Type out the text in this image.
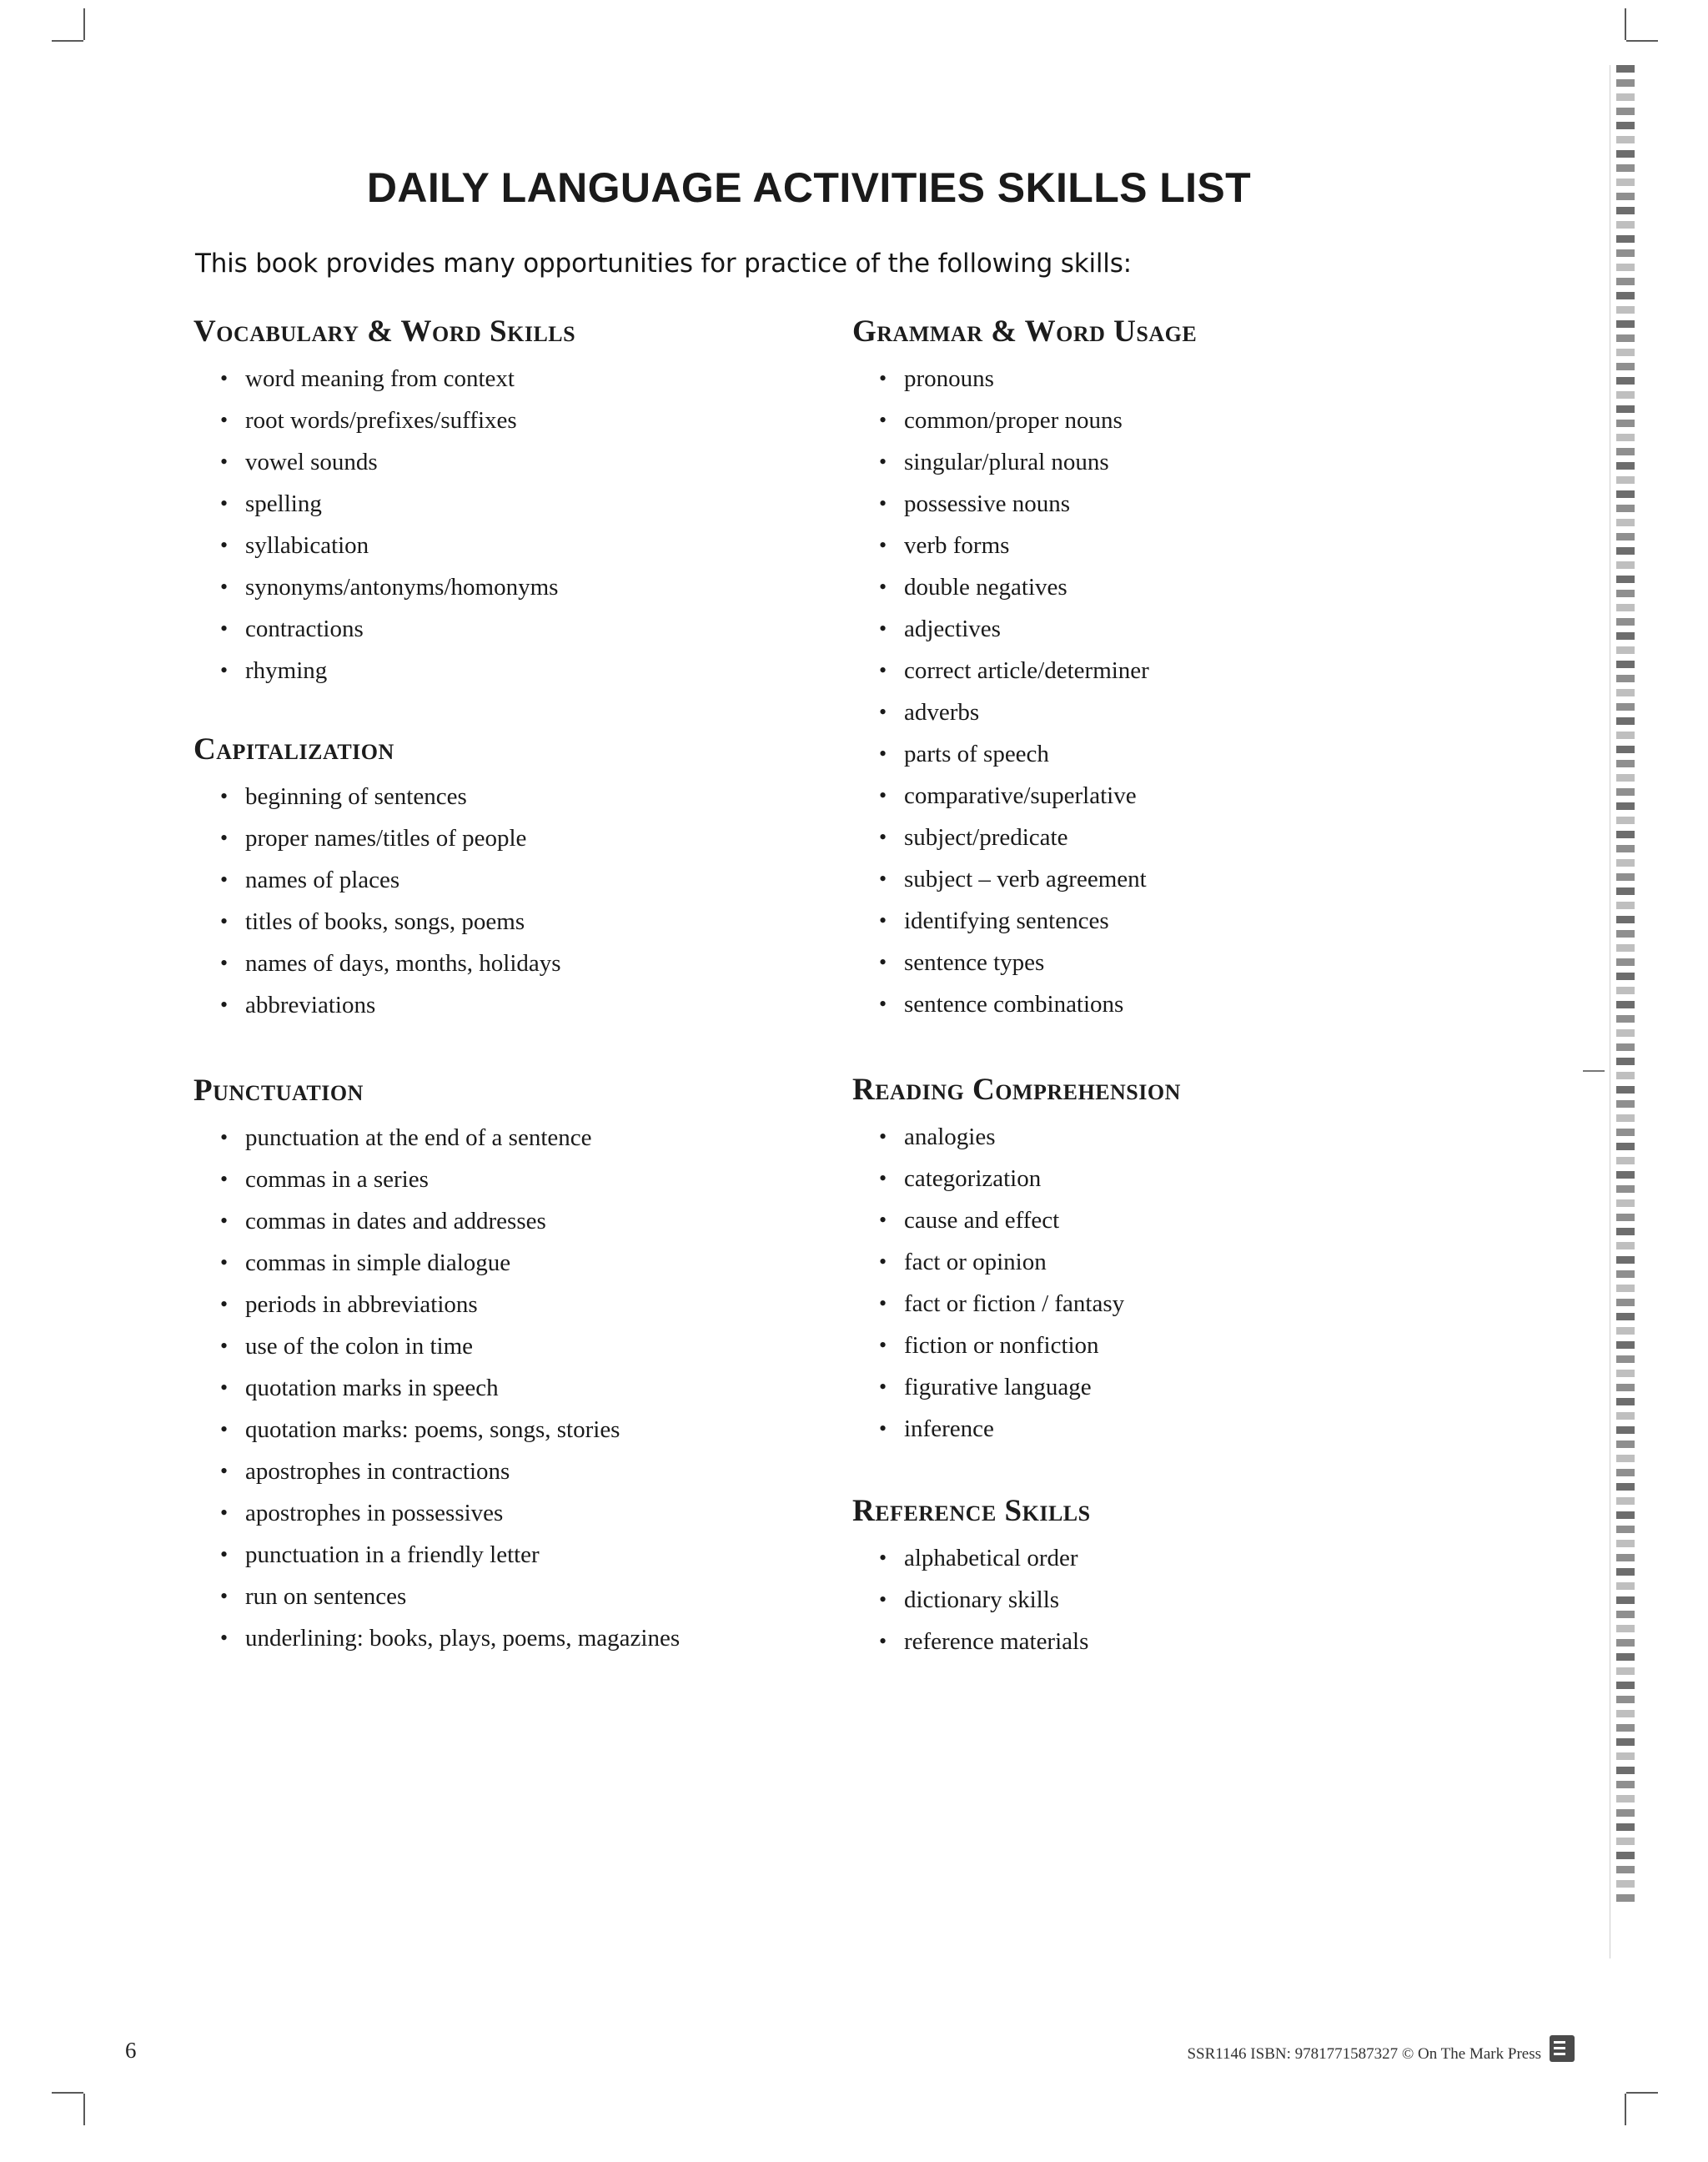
DAILY LANGUAGE ACTIVITIES SKILLS LIST
This book provides many opportunities for practice of the following skills:
Vocabulary & Word Skills
• word meaning from context
• root words/prefixes/suffixes
• vowel sounds
• spelling
• syllabication
• synonyms/antonyms/homonyms
• contractions
• rhyming
Capitalization
• beginning of sentences
• proper names/titles of people
• names of places
• titles of books, songs, poems
• names of days, months, holidays
• abbreviations
Punctuation
• punctuation at the end of a sentence
• commas in a series
• commas in dates and addresses
• commas in simple dialogue
• periods in abbreviations
• use of the colon in time
• quotation marks in speech
• quotation marks: poems, songs, stories
• apostrophes in contractions
• apostrophes in possessives
• punctuation in a friendly letter
• run on sentences
• underlining: books, plays, poems, magazines
Grammar & Word Usage
• pronouns
• common/proper nouns
• singular/plural nouns
• possessive nouns
• verb forms
• double negatives
• adjectives
• correct article/determiner
• adverbs
• parts of speech
• comparative/superlative
• subject/predicate
• subject – verb agreement
• identifying sentences
• sentence types
• sentence combinations
Reading Comprehension
• analogies
• categorization
• cause and effect
• fact or opinion
• fact or fiction / fantasy
• fiction or nonfiction
• figurative language
• inference
Reference Skills
• alphabetical order
• dictionary skills
• reference materials
6	SSR1146 ISBN: 9781771587327 © On The Mark Press
